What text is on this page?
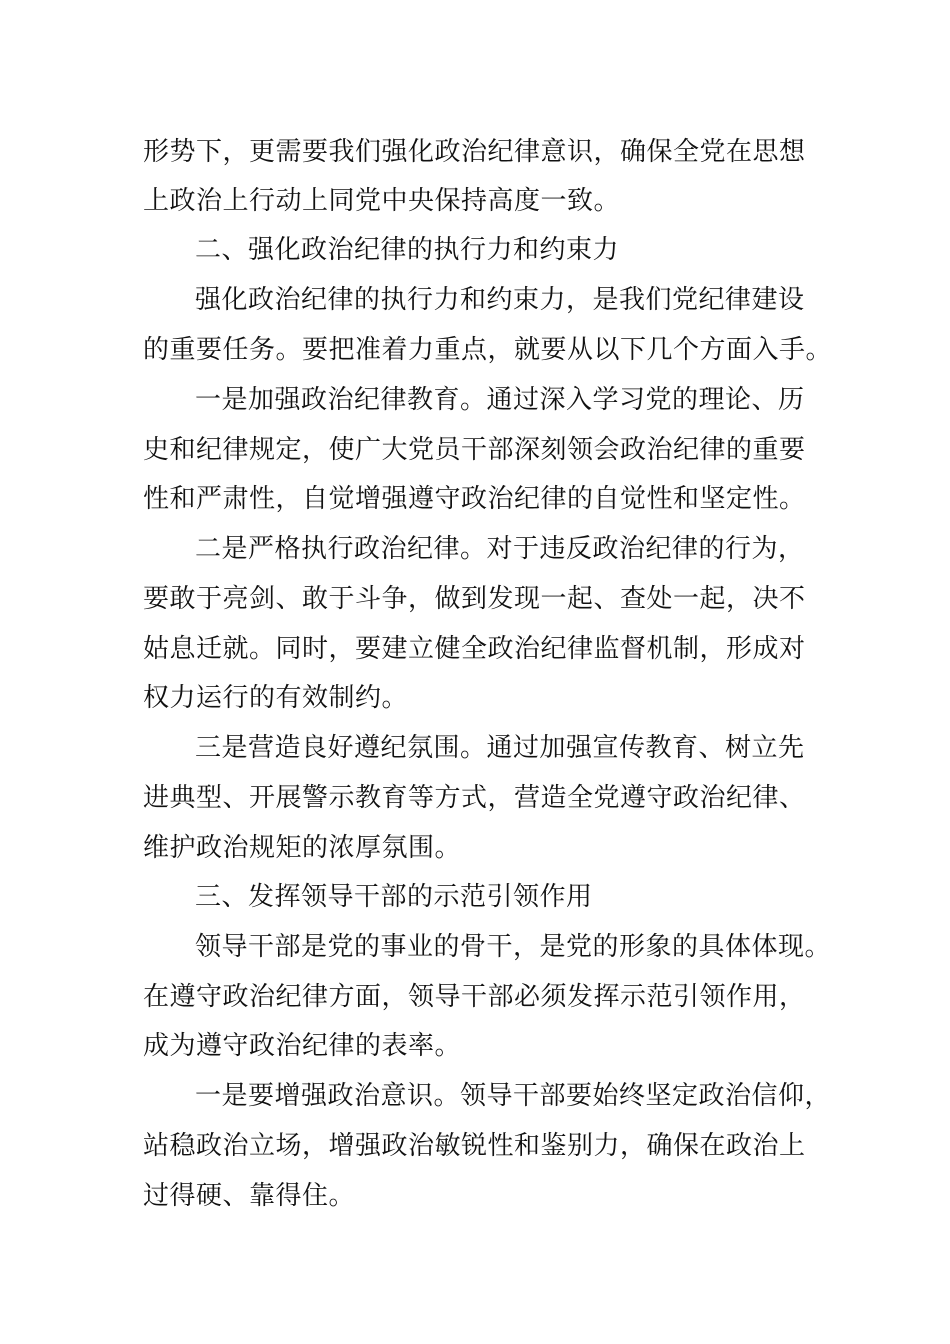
形势下，更需要我们强化政治纪律意识，确保全党在思想
上政治上行动上同党中央保持高度一致。
二、强化政治纪律的执行力和约束力
强化政治纪律的执行力和约束力，是我们党纪律建设
的重要任务。要把准着力重点，就要从以下几个方面入手。
一是加强政治纪律教育。通过深入学习党的理论、历
史和纪律规定，使广大党员干部深刻领会政治纪律的重要
性和严肃性，自觉增强遵守政治纪律的自觉性和坚定性。
二是严格执行政治纪律。对于违反政治纪律的行为，
要敢于亮剑、敢于斗争，做到发现一起、查处一起，决不
姑息迁就。同时，要建立健全政治纪律监督机制，形成对
权力运行的有效制约。
三是营造良好遵纪氛围。通过加强宣传教育、树立先
进典型、开展警示教育等方式，营造全党遵守政治纪律、
维护政治规矩的浓厚氛围。
三、发挥领导干部的示范引领作用
领导干部是党的事业的骨干，是党的形象的具体体现。
在遵守政治纪律方面，领导干部必须发挥示范引领作用，
成为遵守政治纪律的表率。
一是要增强政治意识。领导干部要始终坚定政治信仰，
站稳政治立场，增强政治敏锐性和鉴别力，确保在政治上
过得硬、靠得住。
